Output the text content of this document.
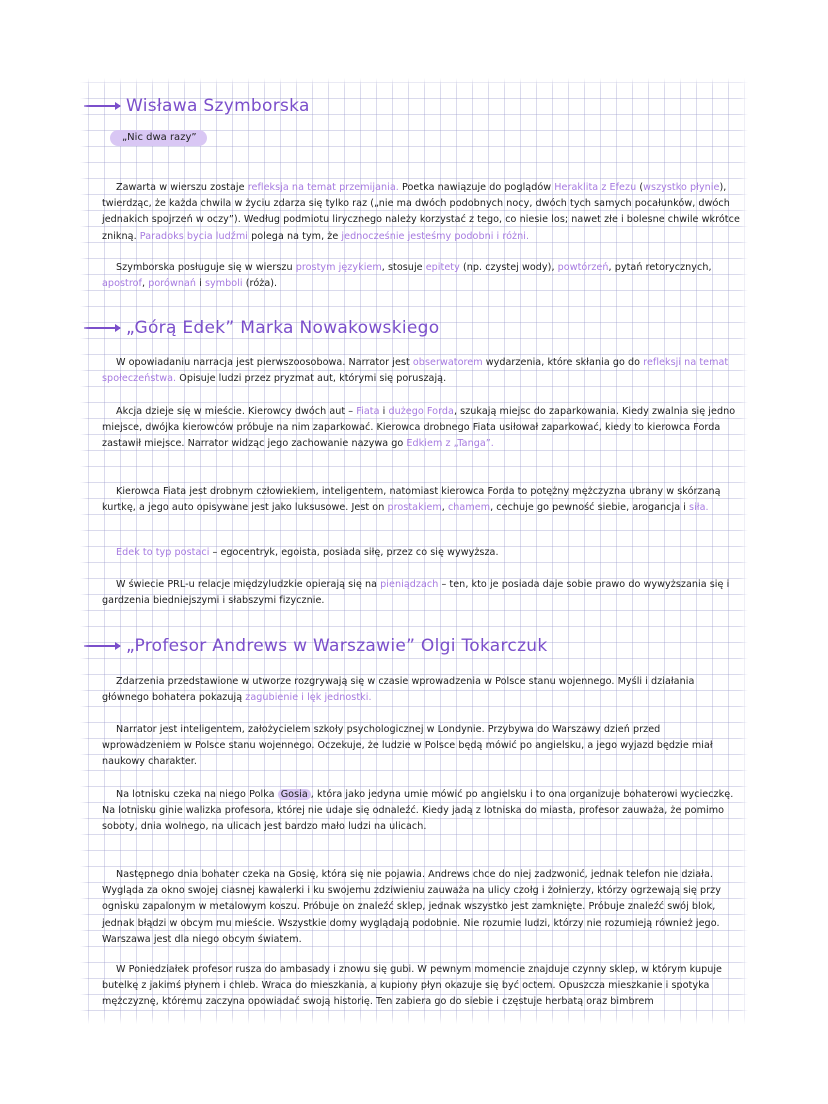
Wisława Szymborska
„Nic dwa razy”
Zawarta w wierszu zostaje refleksja na temat przemijania. Poetka nawiązuje do poglądów Heraklita z Efezu (wszystko płynie), twierdząc, że każda chwila w życiu zdarza się tylko raz („nie ma dwóch podobnych nocy, dwóch tych samych pocałunków, dwóch jednakich spojrzeń w oczy”). Według podmiotu lirycznego należy korzystać z tego, co niesie los; nawet złe i bolesne chwile wkrótce znikną. Paradoks bycia ludźmi polega na tym, że jednocześnie jesteśmy podobni i różni.
Szymborska posługuje się w wierszu prostym językiem, stosuje epitety (np. czystej wody), powtórzeń, pytań retorycznych, apostrof, porównań i symboli (róża).
„Górą Edek” Marka Nowakowskiego
W opowiadaniu narracja jest pierwszoosobowa. Narrator jest obserwatorem wydarzenia, które skłania go do refleksji na temat społeczeństwa. Opisuje ludzi przez pryzmat aut, którymi się poruszają.
Akcja dzieje się w mieście. Kierowcy dwóch aut – Fiata i dużego Forda, szukają miejsc do zaparkowania. Kiedy zwalnia się jedno miejsce, dwójka kierowców próbuje na nim zaparkować. Kierowca drobnego Fiata usiłował zaparkować, kiedy to kierowca Forda zastawił miejsce. Narrator widząc jego zachowanie nazywa go Edkiem z „Tanga”.
Kierowca Fiata jest drobnym człowiekiem, inteligentem, natomiast kierowca Forda to potężny mężczyzna ubrany w skórzaną kurtkę, a jego auto opisywane jest jako luksusowe. Jest on prostakiem, chamem, cechuje go pewność siebie, arogancja i siła.
Edek to typ postaci – egocentryk, egoista, posiada siłę, przez co się wywyższa.
W świecie PRL-u relacje międzyludzkie opierają się na pieniądzach – ten, kto je posiada daje sobie prawo do wywyższania się i gardzenia biedniejszymi i słabszymi fizycznie.
„Profesor Andrews w Warszawie” Olgi Tokarczuk
Zdarzenia przedstawione w utworze rozgrywają się w czasie wprowadzenia w Polsce stanu wojennego. Myśli i działania głównego bohatera pokazują zagubienie i lęk jednostki.
Narrator jest inteligentem, założycielem szkoły psychologicznej w Londynie. Przybywa do Warszawy dzień przed wprowadzeniem w Polsce stanu wojennego. Oczekuje, że ludzie w Polsce będą mówić po angielsku, a jego wyjazd będzie miał naukowy charakter.
Na lotnisku czeka na niego Polka Gosia , która jako jedyna umie mówić po angielsku i to ona organizuje bohaterowi wycieczkę. Na lotnisku ginie walizka profesora, której nie udaje się odnaleźć. Kiedy jadą z lotniska do miasta, profesor zauważa, że pomimo soboty, dnia wolnego, na ulicach jest bardzo mało ludzi na ulicach.
Następnego dnia bohater czeka na Gosię, która się nie pojawia. Andrews chce do niej zadzwonić, jednak telefon nie działa. Wygląda za okno swojej ciasnej kawalerki i ku swojemu zdziwieniu zauważa na ulicy czołg i żołnierzy, którzy ogrzewają się przy ognisku zapalonym w metalowym koszu. Próbuje on znaleźć sklep, jednak wszystko jest zamknięte. Próbuje znaleźć swój blok, jednak błądzi w obcym mu mieście. Wszystkie domy wyglądają podobnie. Nie rozumie ludzi, którzy nie rozumieją również jego. Warszawa jest dla niego obcym światem.
W Poniedziałek profesor rusza do ambasady i znowu się gubi. W pewnym momencie znajduje czynny sklep, w którym kupuje butelkę z jakimś płynem i chleb. Wraca do mieszkania, a kupiony płyn okazuje się być octem. Opuszcza mieszkanie i spotyka mężczyznę, któremu zaczyna opowiadać swoją historię. Ten zabiera go do siebie i częstuje herbatą oraz bimbrem
